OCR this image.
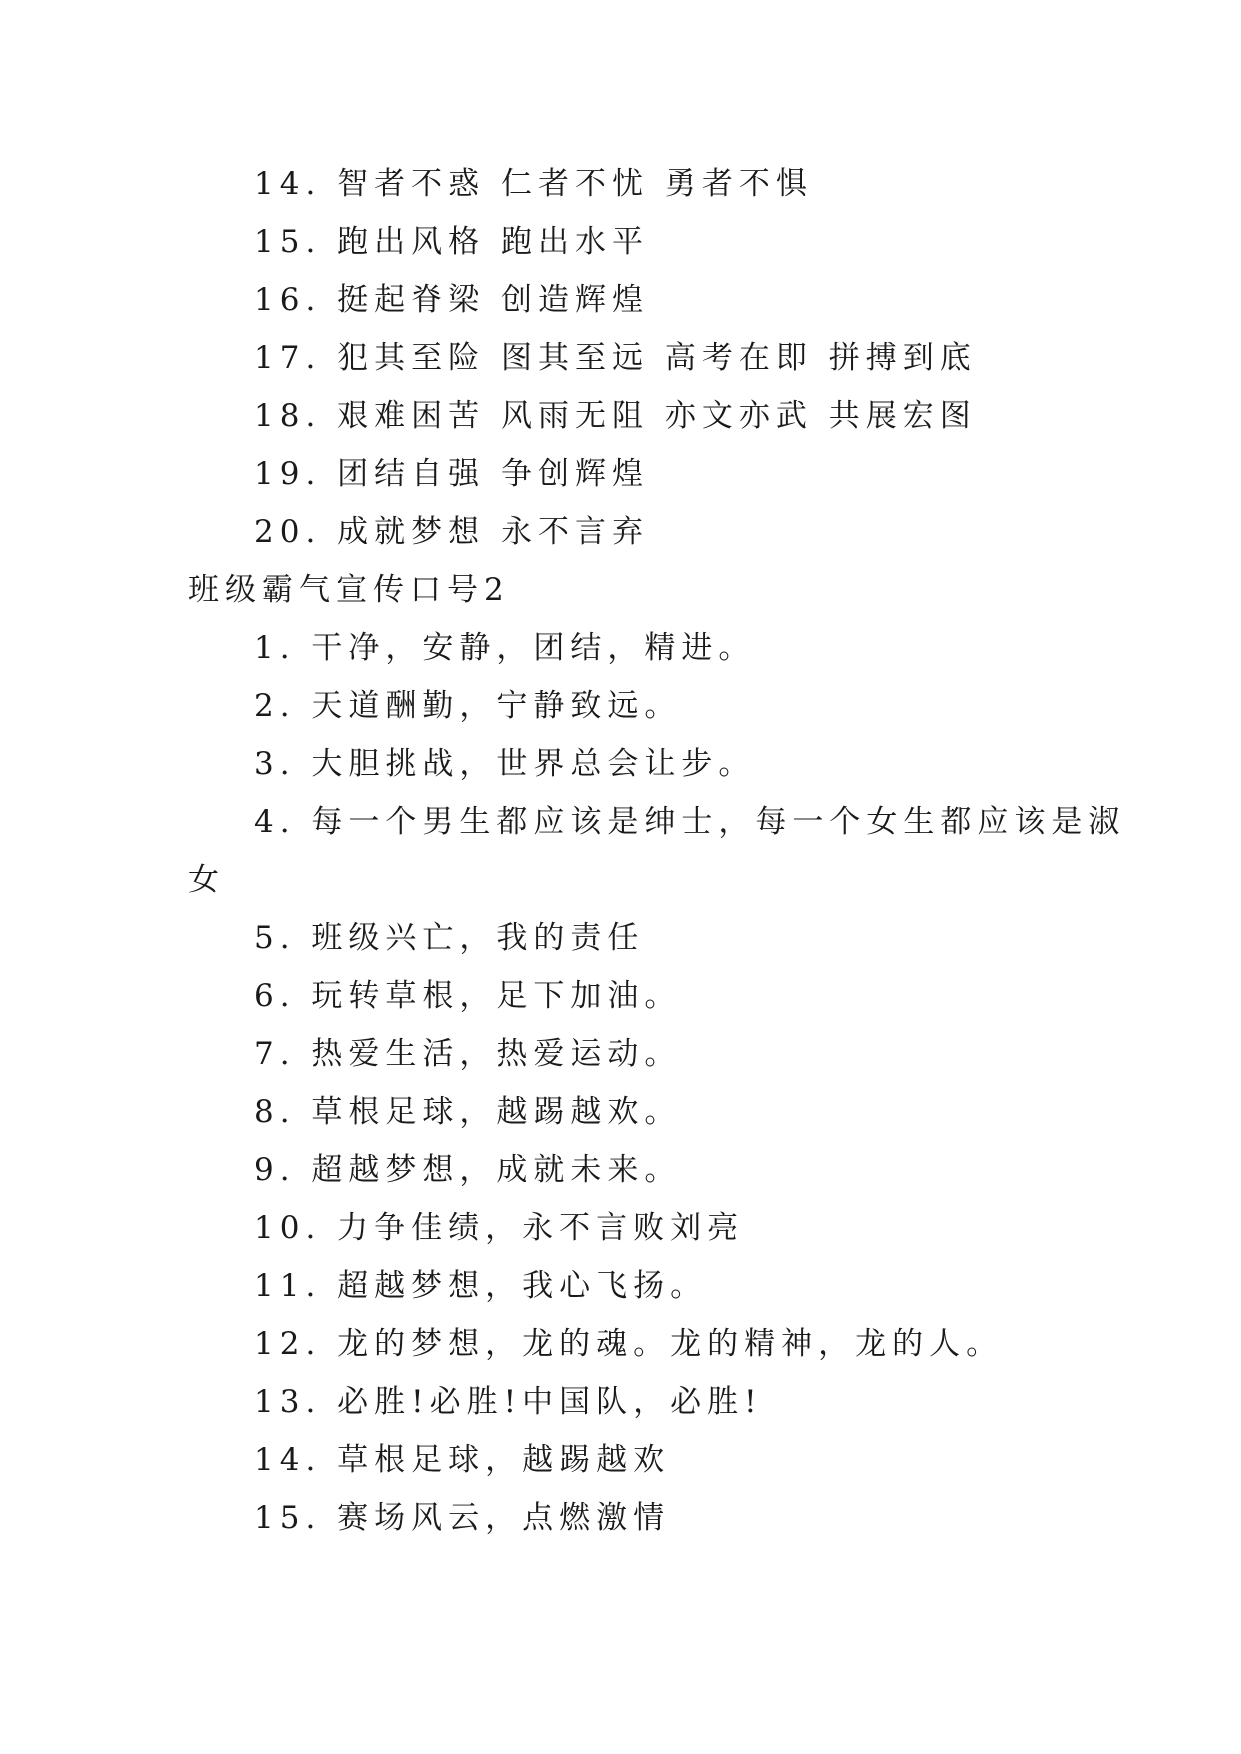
14. 智者不惑 仁者不忧 勇者不惧
15. 跑出风格 跑出水平
16. 挺起脊梁 创造辉煌
17. 犯其至险 图其至远 高考在即 拼搏到底
18. 艰难困苦 风雨无阻 亦文亦武 共展宏图
19. 团结自强 争创辉煌
20. 成就梦想 永不言弃
班级霸气宣传口号2
1. 干净，安静，团结，精进。
2. 天道酬勤，宁静致远。
3. 大胆挑战，世界总会让步。
4. 每一个男生都应该是绅士，每一个女生都应该是淑
女
5. 班级兴亡，我的责任
6. 玩转草根，足下加油。
7. 热爱生活，热爱运动。
8. 草根足球，越踢越欢。
9. 超越梦想，成就未来。
10. 力争佳绩，永不言败刘亮
11. 超越梦想，我心飞扬。
12. 龙的梦想，龙的魂。龙的精神，龙的人。
13. 必胜!必胜!中国队，必胜!
14. 草根足球，越踢越欢
15. 赛场风云，点燃激情
